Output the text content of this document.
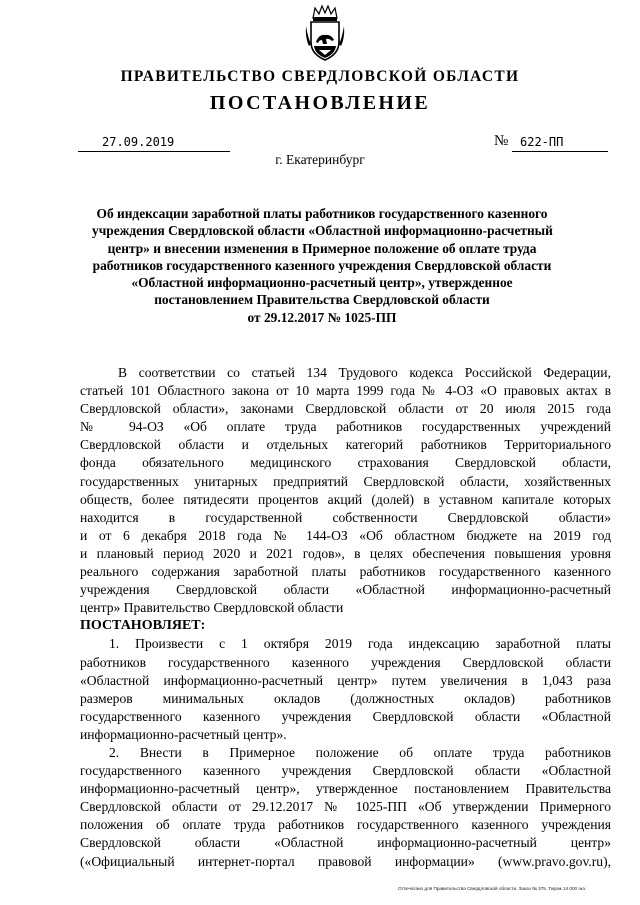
ПРАВИТЕЛЬСТВО СВЕРДЛОВСКОЙ ОБЛАСТИ
ПОСТАНОВЛЕНИЕ
27.09.2019	№ 622-ПП
г. Екатеринбург
Об индексации заработной платы работников государственного казенного
учреждения Свердловской области «Областной информационно-расчетный
центр» и внесении изменения в Примерное положение об оплате труда
работников государственного казенного учреждения Свердловской области
«Областной информационно-расчетный центр», утвержденное
постановлением Правительства Свердловской области
от 29.12.2017 № 1025-ПП
В соответствии со статьей 134 Трудового кодекса Российской Федерации,
статьей 101 Областного закона от 10 марта 1999 года № 4-ОЗ «О правовых актах в
Свердловской области», законами Свердловской области от 20 июля 2015 года
№ 94-ОЗ «Об оплате труда работников государственных учреждений
Свердловской области и отдельных категорий работников Территориального
фонда обязательного медицинского страхования Свердловской области,
государственных унитарных предприятий Свердловской области, хозяйственных
обществ, более пятидесяти процентов акций (долей) в уставном капитале которых
находится в государственной собственности Свердловской области»
и от 6 декабря 2018 года № 144-ОЗ «Об областном бюджете на 2019 год
и плановый период 2020 и 2021 годов», в целях обеспечения повышения уровня
реального содержания заработной платы работников государственного казенного
учреждения Свердловской области «Областной информационно-расчетный
центр» Правительство Свердловской области
ПОСТАНОВЛЯЕТ:
1. Произвести с 1 октября 2019 года индексацию заработной платы
работников государственного казенного учреждения Свердловской области
«Областной информационно-расчетный центр» путем увеличения в 1,043 раза
размеров минимальных окладов (должностных окладов) работников
государственного казенного учреждения Свердловской области «Областной
информационно-расчетный центр».
2. Внести в Примерное положение об оплате труда работников
государственного казенного учреждения Свердловской области «Областной
информационно-расчетный центр», утвержденное постановлением Правительства
Свердловской области от 29.12.2017 № 1025-ПП «Об утверждении Примерного
положения об оплате труда работников государственного казенного учреждения
Свердловской области «Областной информационно-расчетный центр»
(«Официальный интернет-портал правовой информации» (www.pravo.gov.ru),
Отпечатано для Правительства Свердловской области. Заказ № 375. Тираж 14 000 экз.
